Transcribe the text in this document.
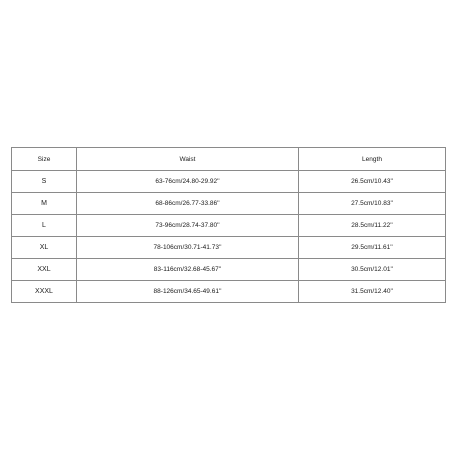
Size	Waist	Length
S	63-76cm/24.80-29.92''	26.5cm/10.43''
M	68-86cm/26.77-33.86''	27.5cm/10.83''
L	73-96cm/28.74-37.80''	28.5cm/11.22''
XL	78-106cm/30.71-41.73''	29.5cm/11.61''
XXL	83-116cm/32.68-45.67''	30.5cm/12.01''
XXXL	88-126cm/34.65-49.61''	31.5cm/12.40''
